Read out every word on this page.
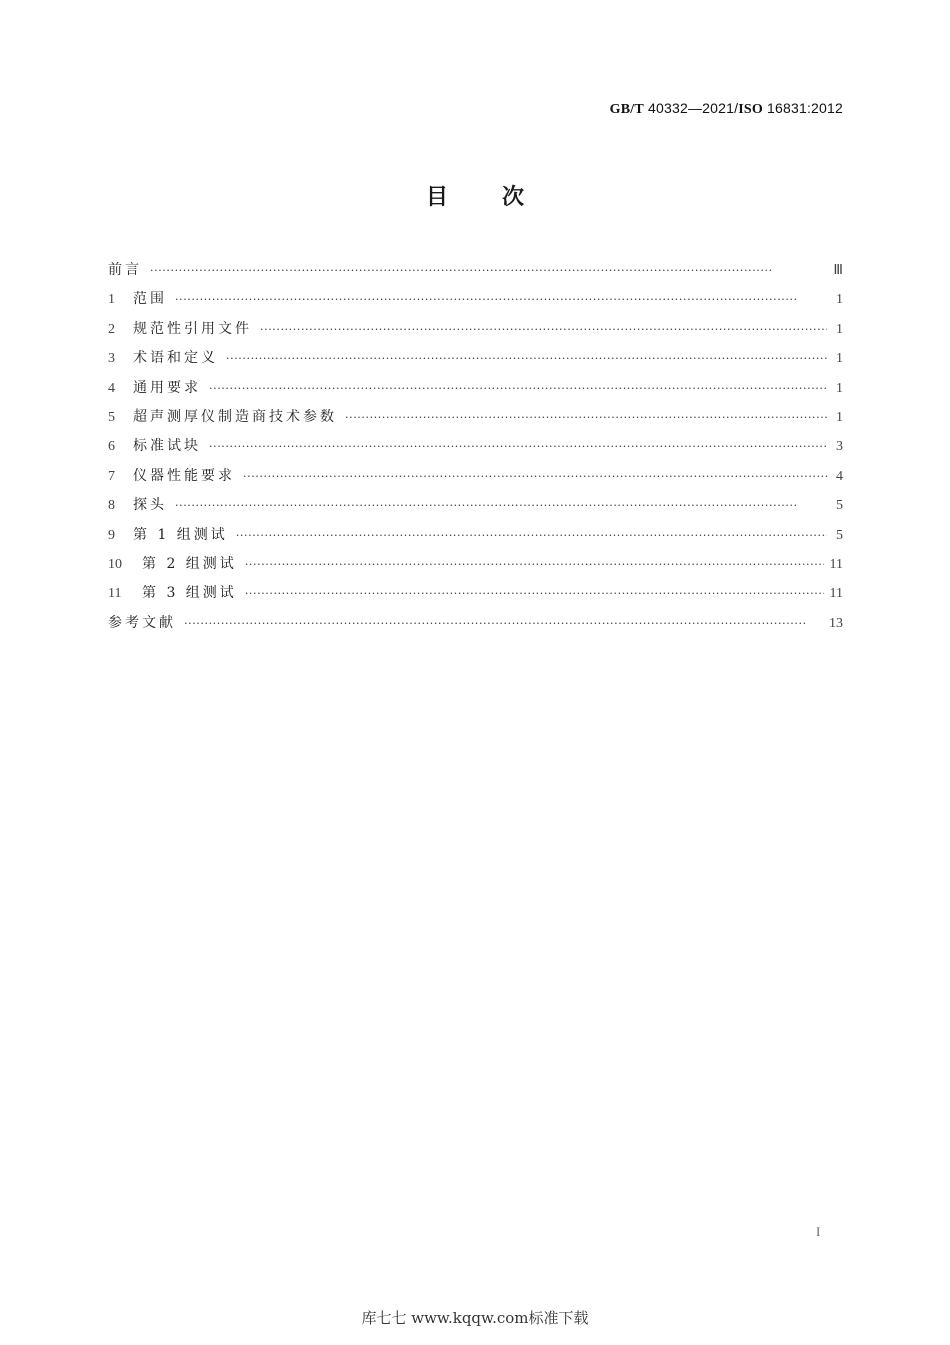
GB/T 40332—2021/ISO 16831:2012
目 次
前言 ·····	Ⅲ
1	范围 ·····	1
2	规范性引用文件 ·····	1
3	术语和定义 ·····	1
4	通用要求 ·····	1
5	超声测厚仪制造商技术参数 ·····	1
6	标准试块 ·····	3
7	仪器性能要求 ·····	4
8	探头 ·····	5
9	第 1 组测试 ·····	5
10	第 2 组测试 ·····	11
11	第 3 组测试 ·····	11
参考文献 ·····	13
I
库七七 www.kqqw.com标准下载
